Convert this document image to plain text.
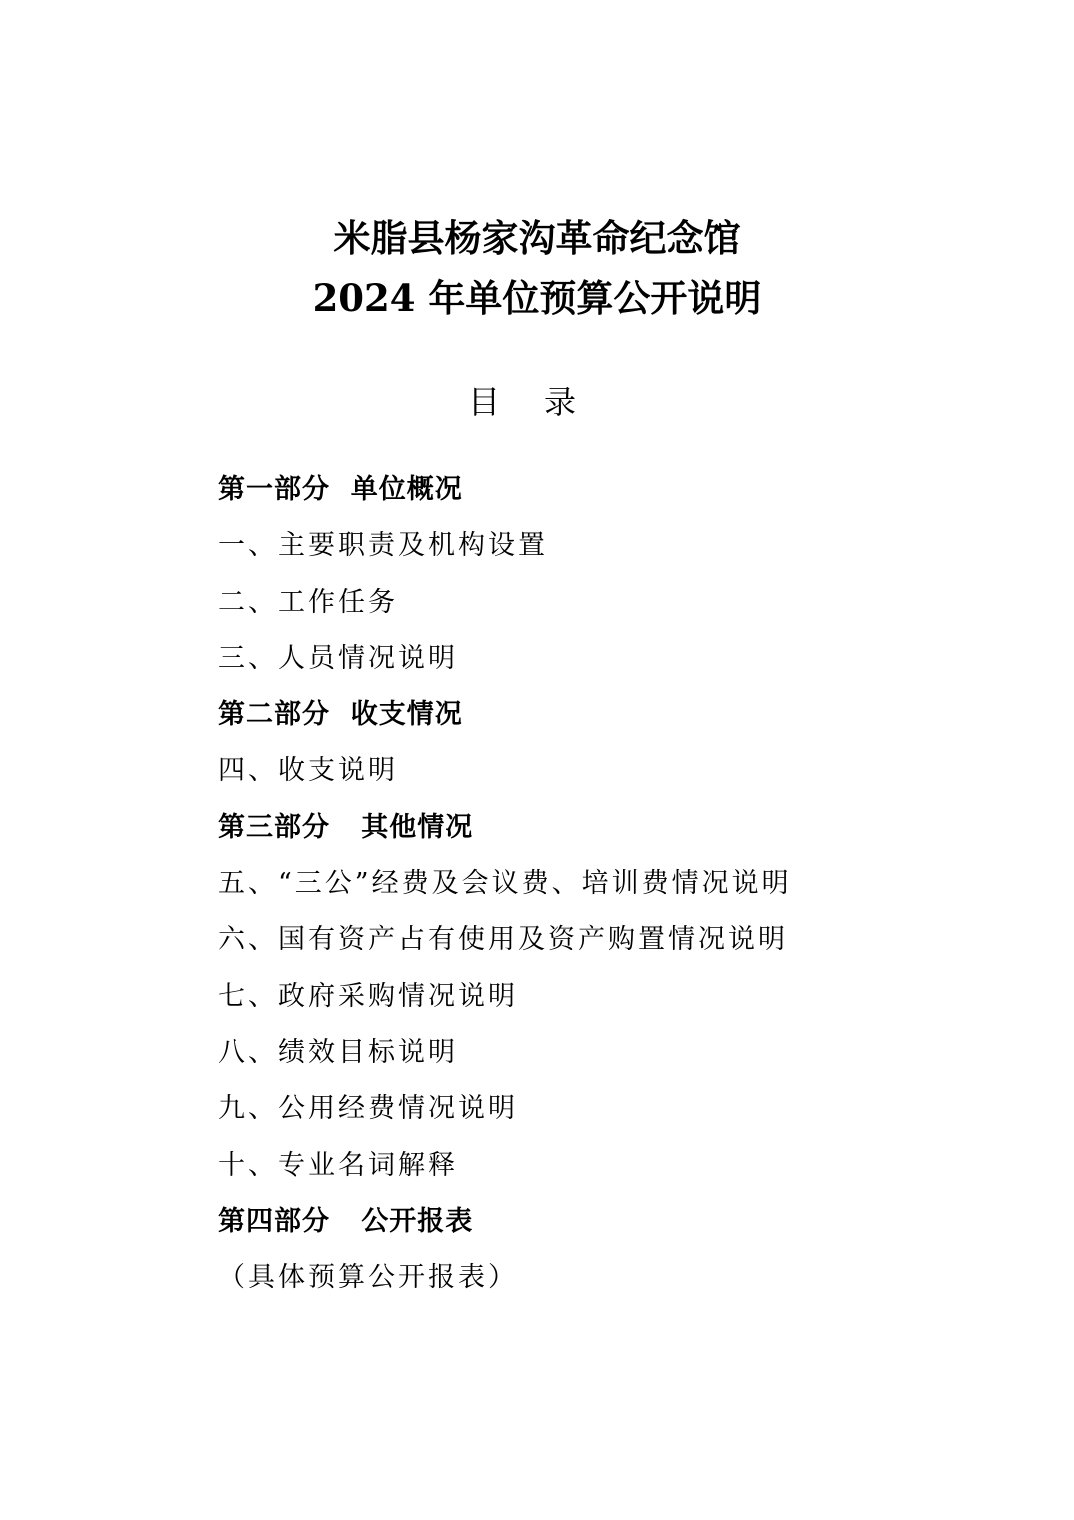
米脂县杨家沟革命纪念馆
2024 年单位预算公开说明
目录
第一部分  单位概况
一、主要职责及机构设置
二、工作任务
三、人员情况说明
第二部分  收支情况
四、收支说明
第三部分   其他情况
五、“三公”经费及会议费、培训费情况说明
六、国有资产占有使用及资产购置情况说明
七、政府采购情况说明
八、绩效目标说明
九、公用经费情况说明
十、专业名词解释
第四部分   公开报表
（具体预算公开报表）
